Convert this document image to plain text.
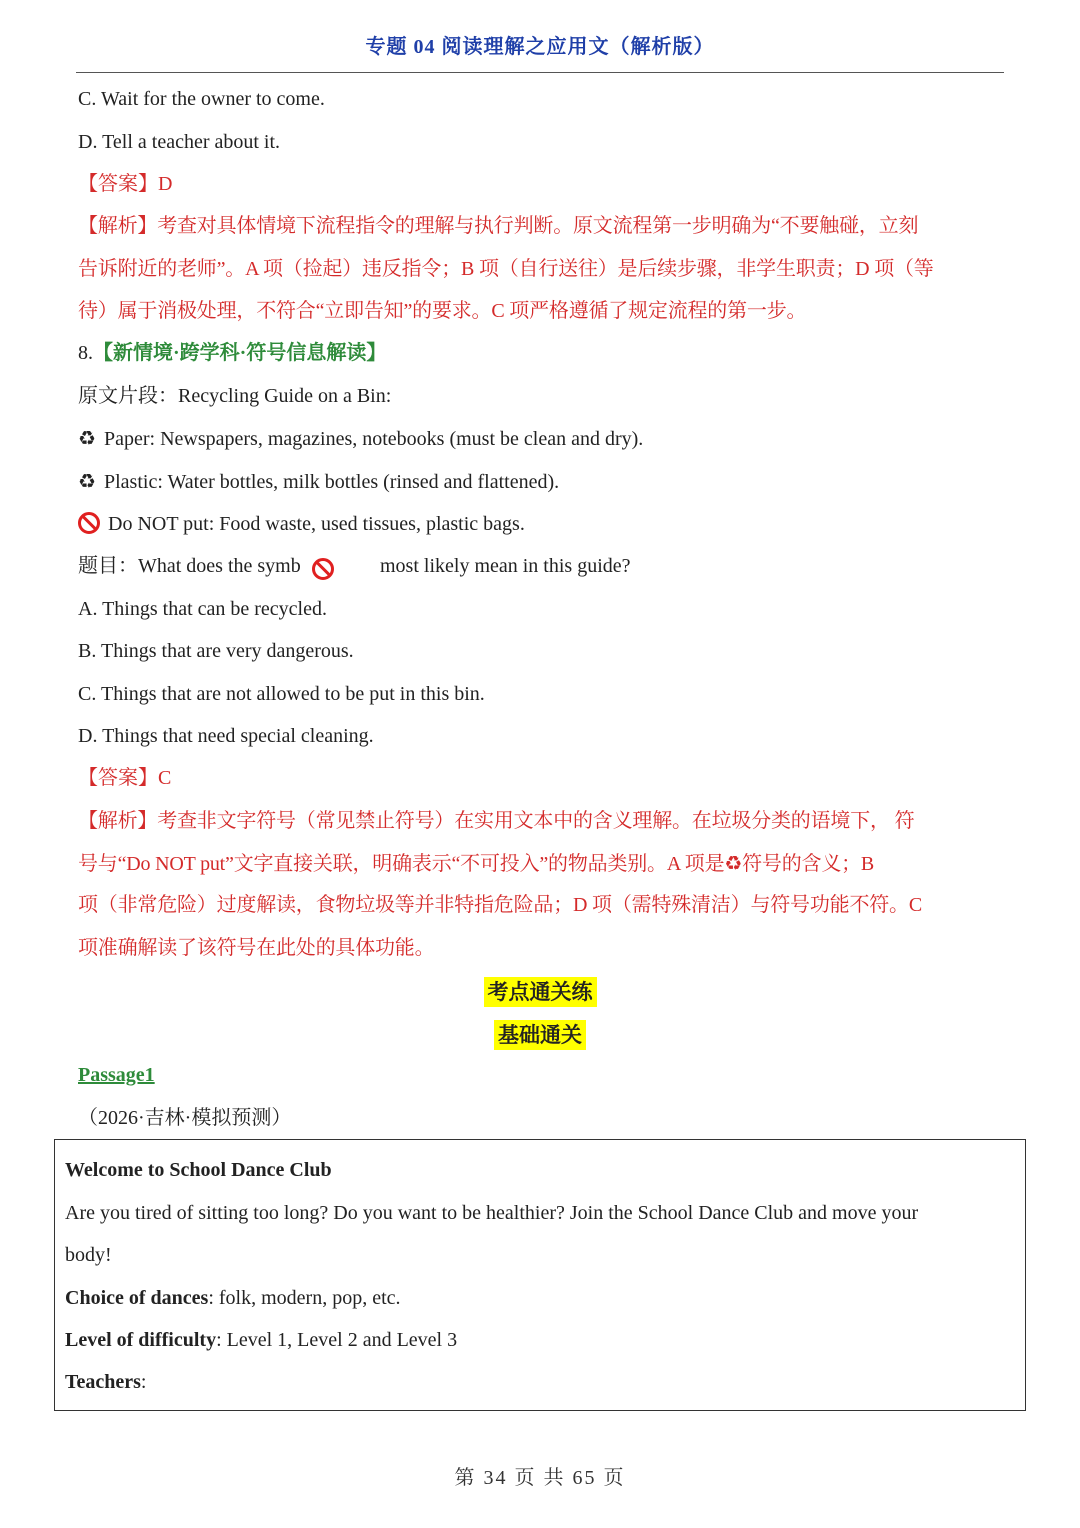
专题 04 阅读理解之应用文（解析版）
C. Wait for the owner to come.
D. Tell a teacher about it.
【答案】D
【解析】考查对具体情境下流程指令的理解与执行判断。原文流程第一步明确为“不要触碰，立刻
告诉附近的老师”。A 项（捡起）违反指令；B 项（自行送往）是后续步骤，非学生职责；D 项（等
待）属于消极处理，不符合“立即告知”的要求。C 项严格遵循了规定流程的第一步。
8.【新情境·跨学科·符号信息解读】
原文片段：Recycling Guide on a Bin:
♻ Paper: Newspapers, magazines, notebooks (must be clean and dry).
♻ Plastic: Water bottles, milk bottles (rinsed and flattened).
Do NOT put: Food waste, used tissues, plastic bags.
题目：What does the symb	most likely mean in this guide?
A. Things that can be recycled.
B. Things that are very dangerous.
C. Things that are not allowed to be put in this bin.
D. Things that need special cleaning.
【答案】C
【解析】考查非文字符号（常见禁止符号）在实用文本中的含义理解。在垃圾分类的语境下， 符
号与“Do NOT put”文字直接关联，明确表示“不可投入”的物品类别。A 项是♻符号的含义；B
项（非常危险）过度解读，食物垃圾等并非特指危险品；D 项（需特殊清洁）与符号功能不符。C
项准确解读了该符号在此处的具体功能。
考点通关练
基础通关
Passage1
（2026·吉林·模拟预测）
Welcome to School Dance Club
Are you tired of sitting too long? Do you want to be healthier? Join the School Dance Club and move your
body!
Choice of dances: folk, modern, pop, etc.
Level of difficulty: Level 1, Level 2 and Level 3
Teachers:
第 34 页 共 65 页
